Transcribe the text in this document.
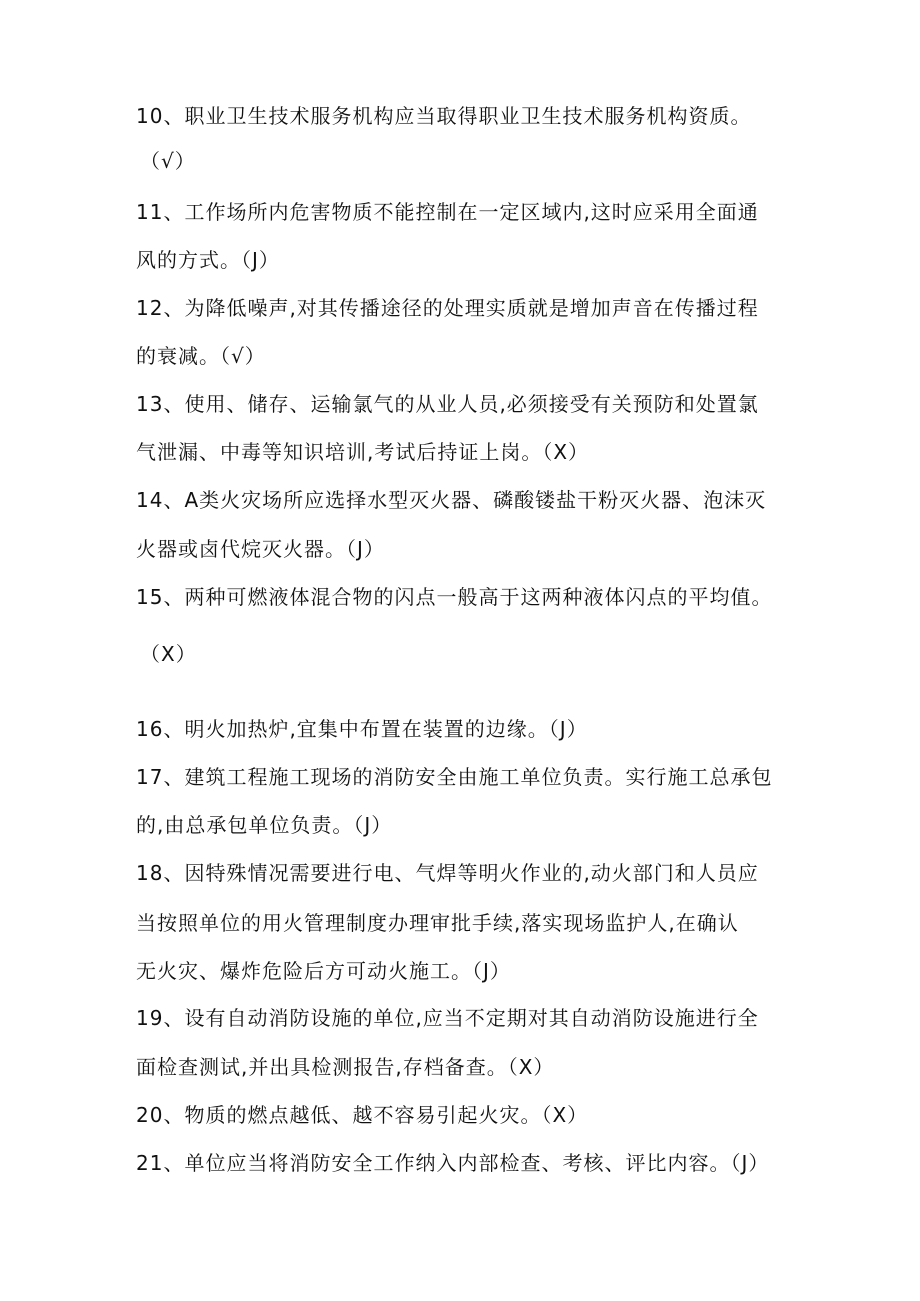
10、职业卫生技术服务机构应当取得职业卫生技术服务机构资质。
（√）
11、工作场所内危害物质不能控制在一定区域内,这时应采用全面通
风的方式。（J）
12、为降低噪声,对其传播途径的处理实质就是增加声音在传播过程
的衰减。（√）
13、使用、储存、运输氯气的从业人员,必须接受有关预防和处置氯
气泄漏、中毒等知识培训,考试后持证上岗。（X）
14、A类火灾场所应选择水型灭火器、磷酸镂盐干粉灭火器、泡沫灭
火器或卤代烷灭火器。（J）
15、两种可燃液体混合物的闪点一般高于这两种液体闪点的平均值。
（X）
16、明火加热炉,宜集中布置在装置的边缘。（J）
17、建筑工程施工现场的消防安全由施工单位负责。实行施工总承包
的,由总承包单位负责。（J）
18、因特殊情况需要进行电、气焊等明火作业的,动火部门和人员应
当按照单位的用火管理制度办理审批手续,落实现场监护人,在确认
无火灾、爆炸危险后方可动火施工。（J）
19、设有自动消防设施的单位,应当不定期对其自动消防设施进行全
面检查测试,并出具检测报告,存档备查。（X）
20、物质的燃点越低、越不容易引起火灾。（X）
21、单位应当将消防安全工作纳入内部检查、考核、评比内容。（J）
